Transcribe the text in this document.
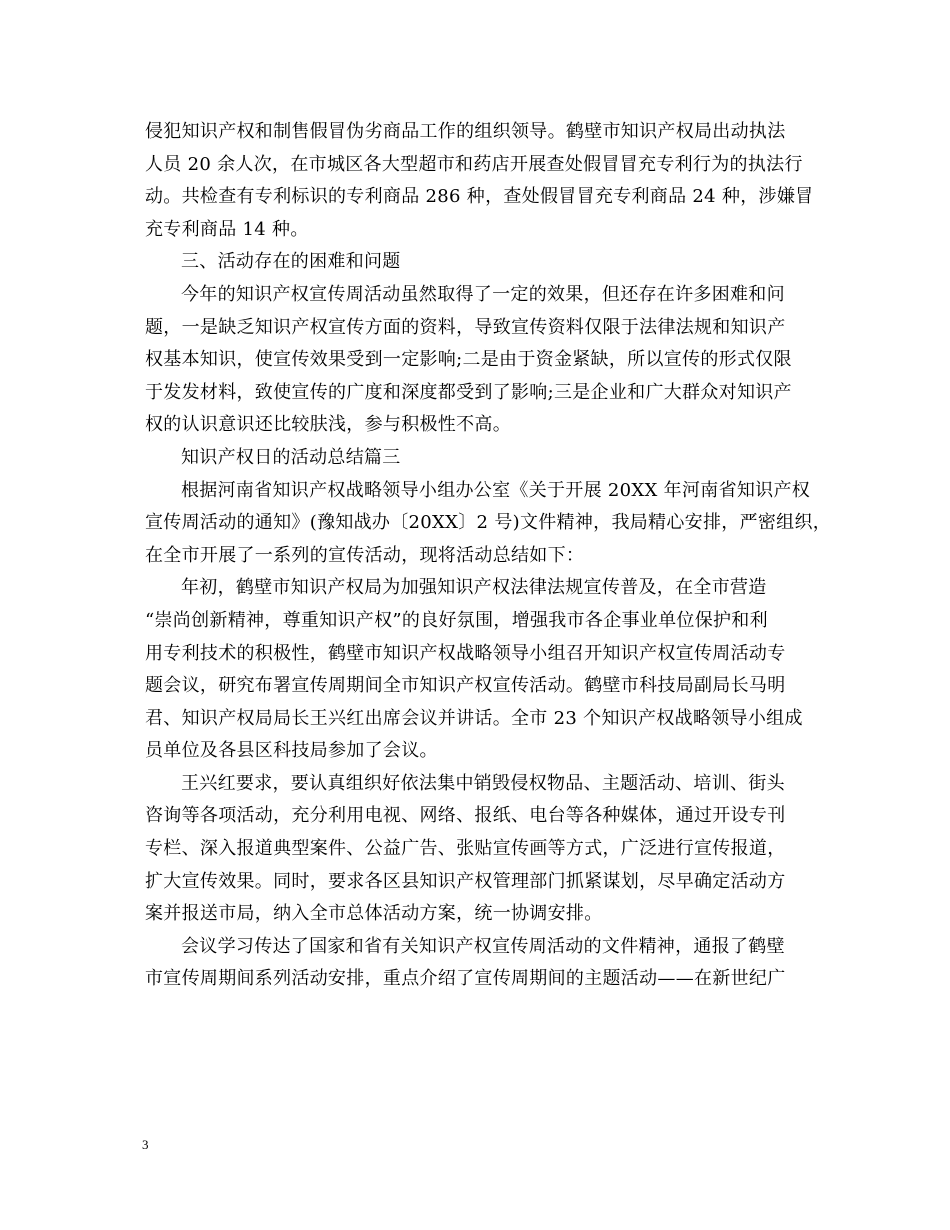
侵犯知识产权和制售假冒伪劣商品工作的组织领导。鹤壁市知识产权局出动执法
人员 20 余人次，在市城区各大型超市和药店开展查处假冒冒充专利行为的执法行
动。共检查有专利标识的专利商品 286 种，查处假冒冒充专利商品 24 种，涉嫌冒
充专利商品 14 种。
三、活动存在的困难和问题
今年的知识产权宣传周活动虽然取得了一定的效果，但还存在许多困难和问
题，一是缺乏知识产权宣传方面的资料，导致宣传资料仅限于法律法规和知识产
权基本知识，使宣传效果受到一定影响;二是由于资金紧缺，所以宣传的形式仅限
于发发材料，致使宣传的广度和深度都受到了影响;三是企业和广大群众对知识产
权的认识意识还比较肤浅，参与积极性不高。
知识产权日的活动总结篇三
根据河南省知识产权战略领导小组办公室《关于开展 20XX 年河南省知识产权
宣传周活动的通知》(豫知战办〔20XX〕2 号)文件精神，我局精心安排，严密组织，
在全市开展了一系列的宣传活动，现将活动总结如下：
年初，鹤壁市知识产权局为加强知识产权法律法规宣传普及，在全市营造
“崇尚创新精神，尊重知识产权”的良好氛围，增强我市各企事业单位保护和利
用专利技术的积极性，鹤壁市知识产权战略领导小组召开知识产权宣传周活动专
题会议，研究布署宣传周期间全市知识产权宣传活动。鹤壁市科技局副局长马明
君、知识产权局局长王兴红出席会议并讲话。全市 23 个知识产权战略领导小组成
员单位及各县区科技局参加了会议。
王兴红要求，要认真组织好依法集中销毁侵权物品、主题活动、培训、街头
咨询等各项活动，充分利用电视、网络、报纸、电台等各种媒体，通过开设专刊
专栏、深入报道典型案件、公益广告、张贴宣传画等方式，广泛进行宣传报道，
扩大宣传效果。同时，要求各区县知识产权管理部门抓紧谋划，尽早确定活动方
案并报送市局，纳入全市总体活动方案，统一协调安排。
会议学习传达了国家和省有关知识产权宣传周活动的文件精神，通报了鹤壁
市宣传周期间系列活动安排，重点介绍了宣传周期间的主题活动——在新世纪广
3
